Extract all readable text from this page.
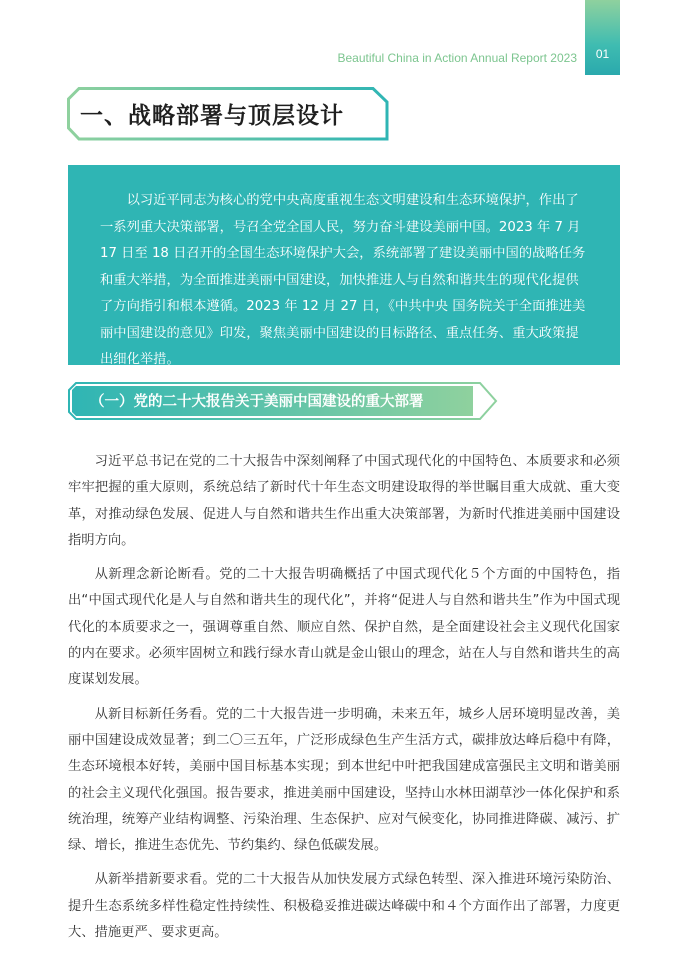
01
Beautiful China in Action Annual Report 2023
一、战略部署与顶层设计

以习近平同志为核心的党中央高度重视生态文明建设和生态环境保护，作出了一系列重大决策部署，号召全党全国人民，努力奋斗建设美丽中国。2023 年 7 月 17 日至 18 日召开的全国生态环境保护大会，系统部署了建设美丽中国的战略任务和重大举措，为全面推进美丽中国建设，加快推进人与自然和谐共生的现代化提供了方向指引和根本遵循。2023 年 12 月 27 日，《中共中央 国务院关于全面推进美丽中国建设的意见》印发，聚焦美丽中国建设的目标路径、重点任务、重大政策提出细化举措。

（一）党的二十大报告关于美丽中国建设的重大部署

习近平总书记在党的二十大报告中深刻阐释了中国式现代化的中国特色、本质要求和必须牢牢把握的重大原则，系统总结了新时代十年生态文明建设取得的举世瞩目重大成就、重大变革，对推动绿色发展、促进人与自然和谐共生作出重大决策部署，为新时代推进美丽中国建设指明方向。

从新理念新论断看。党的二十大报告明确概括了中国式现代化５个方面的中国特色，指出“中国式现代化是人与自然和谐共生的现代化”，并将“促进人与自然和谐共生”作为中国式现代化的本质要求之一，强调尊重自然、顺应自然、保护自然，是全面建设社会主义现代化国家的内在要求。必须牢固树立和践行绿水青山就是金山银山的理念，站在人与自然和谐共生的高度谋划发展。

从新目标新任务看。党的二十大报告进一步明确，未来五年，城乡人居环境明显改善，美丽中国建设成效显著；到二〇三五年，广泛形成绿色生产生活方式，碳排放达峰后稳中有降，生态环境根本好转，美丽中国目标基本实现；到本世纪中叶把我国建成富强民主文明和谐美丽的社会主义现代化强国。报告要求，推进美丽中国建设，坚持山水林田湖草沙一体化保护和系统治理，统筹产业结构调整、污染治理、生态保护、应对气候变化，协同推进降碳、减污、扩绿、增长，推进生态优先、节约集约、绿色低碳发展。

从新举措新要求看。党的二十大报告从加快发展方式绿色转型、深入推进环境污染防治、提升生态系统多样性稳定性持续性、积极稳妥推进碳达峰碳中和４个方面作出了部署，力度更大、措施更严、要求更高。
